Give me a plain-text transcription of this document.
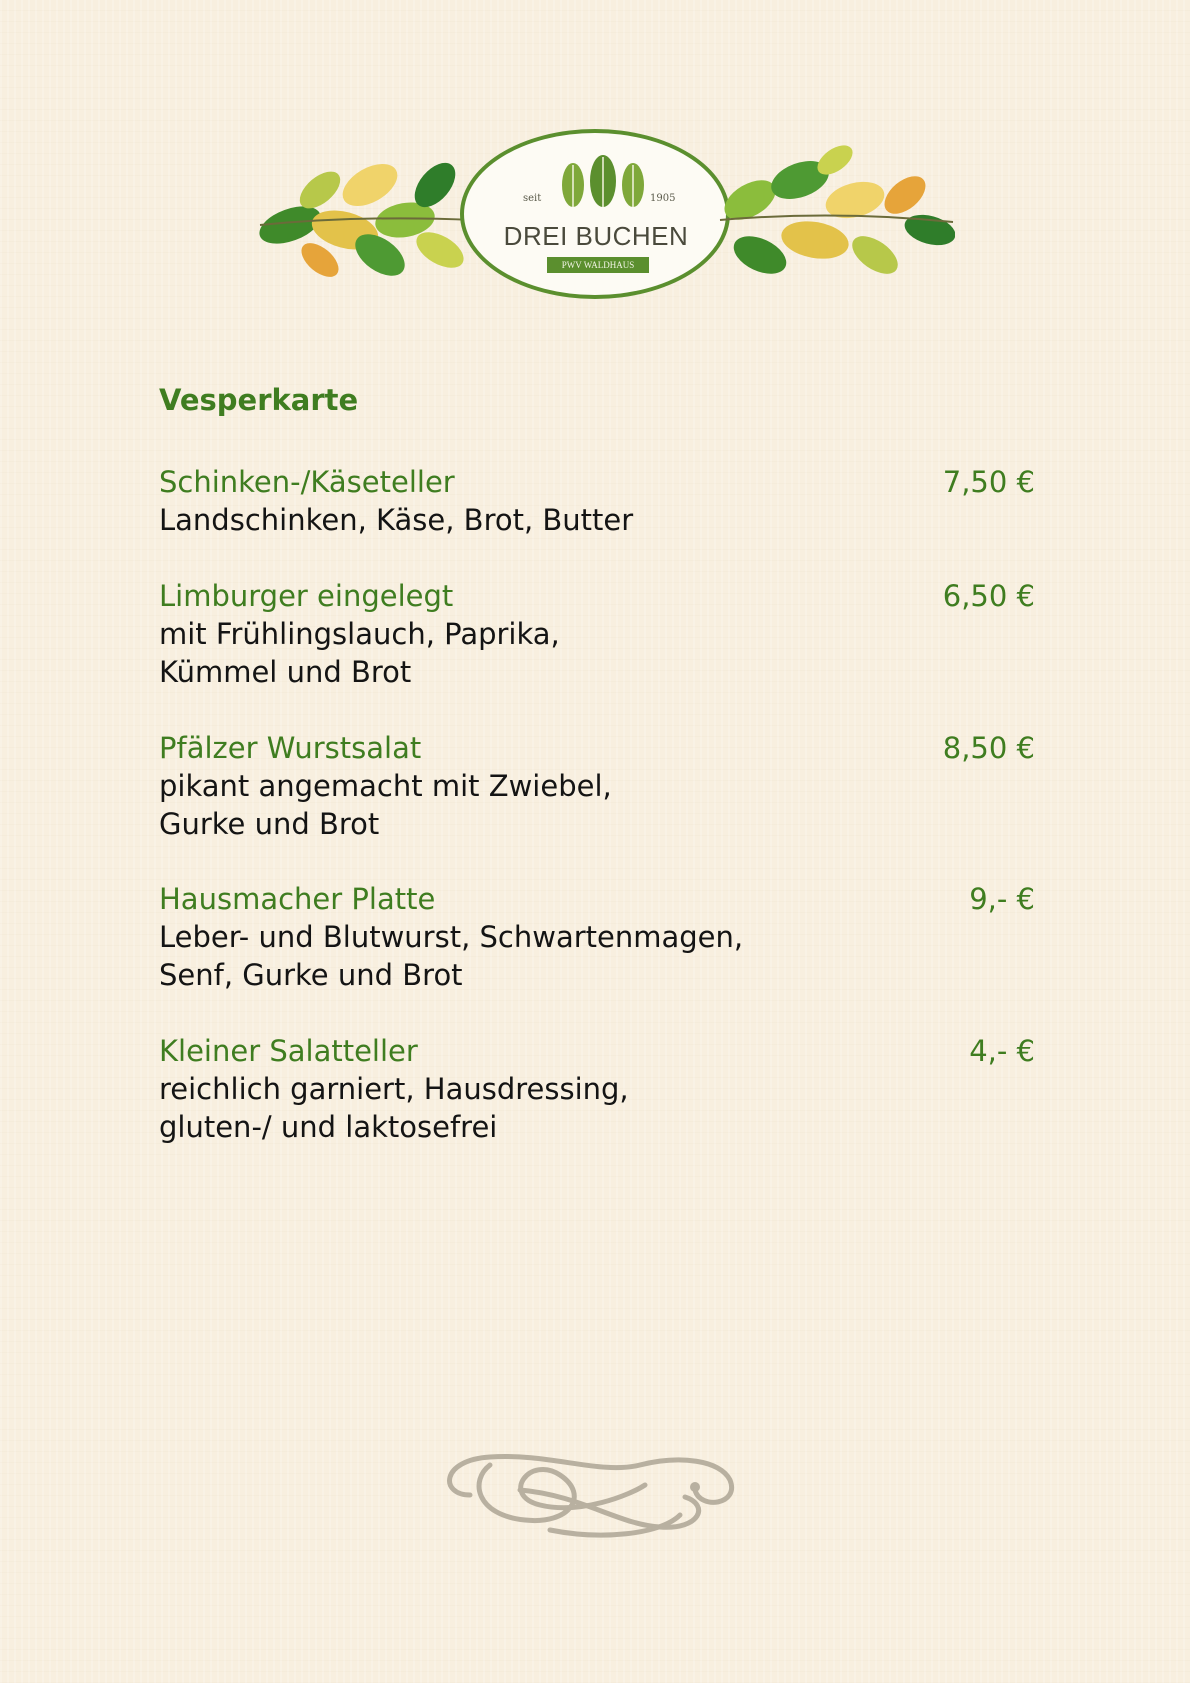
seit	1905
DREI BUCHEN
PWV WALDHAUS
Vesperkarte
Schinken-/Käseteller	7,50 €
Landschinken, Käse, Brot, Butter
Limburger eingelegt	6,50 €
mit Frühlingslauch, Paprika,
Kümmel und Brot
Pfälzer Wurstsalat	8,50 €
pikant angemacht mit Zwiebel,
Gurke und Brot
Hausmacher Platte	9,- €
Leber- und Blutwurst, Schwartenmagen,
Senf, Gurke und Brot
Kleiner Salatteller	4,- €
reichlich garniert, Hausdressing,
gluten-/ und laktosefrei
